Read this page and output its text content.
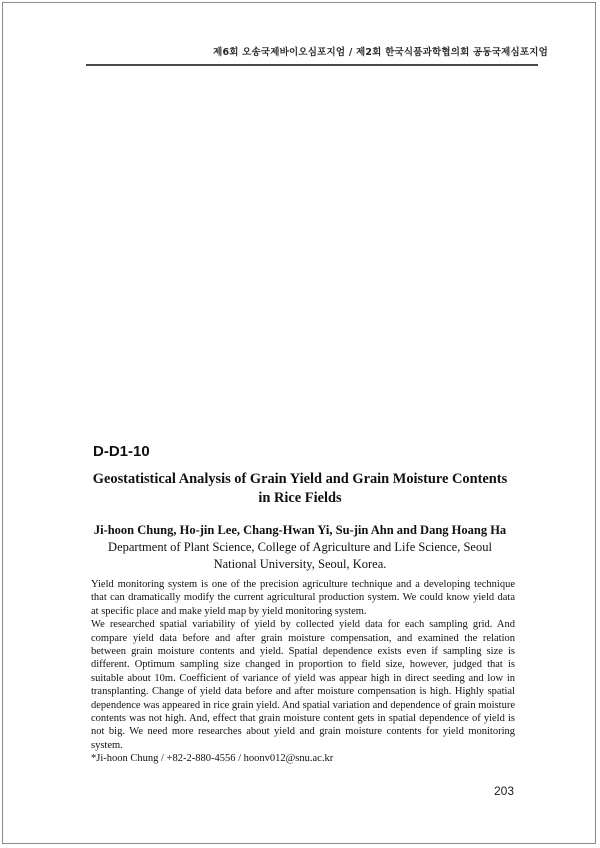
제6회 오송국제바이오심포지엄 / 제2회 한국식품과학협의회 공동국제심포지엄
D-D1-10
Geostatistical Analysis of Grain Yield and Grain Moisture Contents in Rice Fields
Ji-hoon Chung, Ho-jin Lee, Chang-Hwan Yi, Su-jin Ahn and Dang Hoang Ha
Department of Plant Science, College of Agriculture and Life Science, Seoul National University, Seoul, Korea.

Yield monitoring system is one of the precision agriculture technique and a developing technique that can dramatically modify the current agricultural production system. We could know yield data at specific place and make yield map by yield monitoring system.

We researched spatial variability of yield by collected yield data for each sampling grid. And compare yield data before and after grain moisture compensation, and examined the relation between grain moisture contents and yield. Spatial dependence exists even if sampling size is different. Optimum sampling size changed in proportion to field size, however, judged that is suitable about 10m. Coefficient of variance of yield was appear high in direct seeding and low in transplanting. Change of yield data before and after moisture compensation is high. Highly spatial dependence was appeared in rice grain yield. And spatial variation and dependence of grain moisture contents was not high. And, effect that grain moisture content gets in spatial dependence of yield is not big. We need more researches about yield and grain moisture contents for yield monitoring system.

*Ji-hoon Chung / +82-2-880-4556 / hoonv012@snu.ac.kr

203
